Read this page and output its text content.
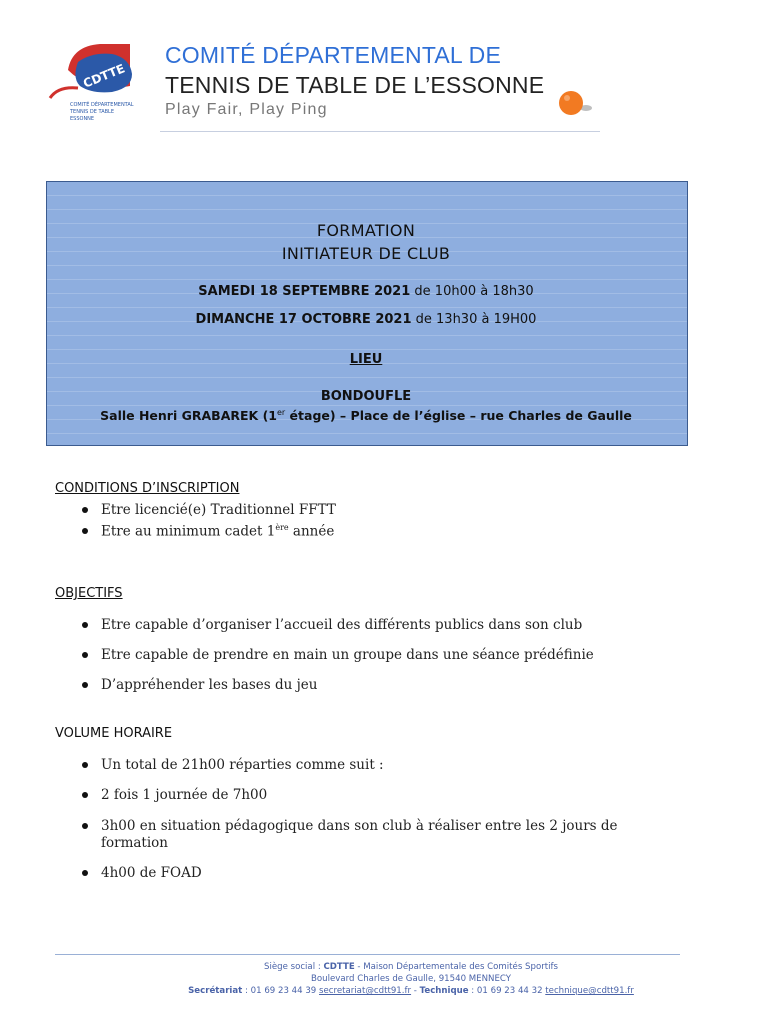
CDTTE
COMITÉ DÉPARTEMENTAL
TENNIS DE TABLE
ESSONNE
COMITÉ DÉPARTEMENTAL DE
TENNIS DE TABLE DE L’ESSONNE
Play Fair, Play Ping
FORMATION
INITIATEUR DE CLUB
SAMEDI 18 SEPTEMBRE 2021 de 10h00 à 18h30
DIMANCHE 17 OCTOBRE 2021 de 13h30 à 19H00
LIEU
BONDOUFLE
Salle Henri GRABAREK (1er étage) – Place de l’église – rue Charles de Gaulle
CONDITIONS D’INSCRIPTION
Etre licencié(e) Traditionnel FFTT
Etre au minimum cadet 1ère année
OBJECTIFS
Etre capable d’organiser l’accueil des différents publics dans son club
Etre capable de prendre en main un groupe dans une séance prédéfinie
D’appréhender les bases du jeu
VOLUME HORAIRE
Un total de 21h00 réparties comme suit :
2 fois 1 journée de 7h00
3h00 en situation pédagogique dans son club à réaliser entre les 2 jours de
formation
4h00 de FOAD
Siège social : CDTTE - Maison Départementale des Comités Sportifs
Boulevard Charles de Gaulle, 91540 MENNECY
Secrétariat : 01 69 23 44 39 secretariat@cdtt91.fr - Technique : 01 69 23 44 32 technique@cdtt91.fr
